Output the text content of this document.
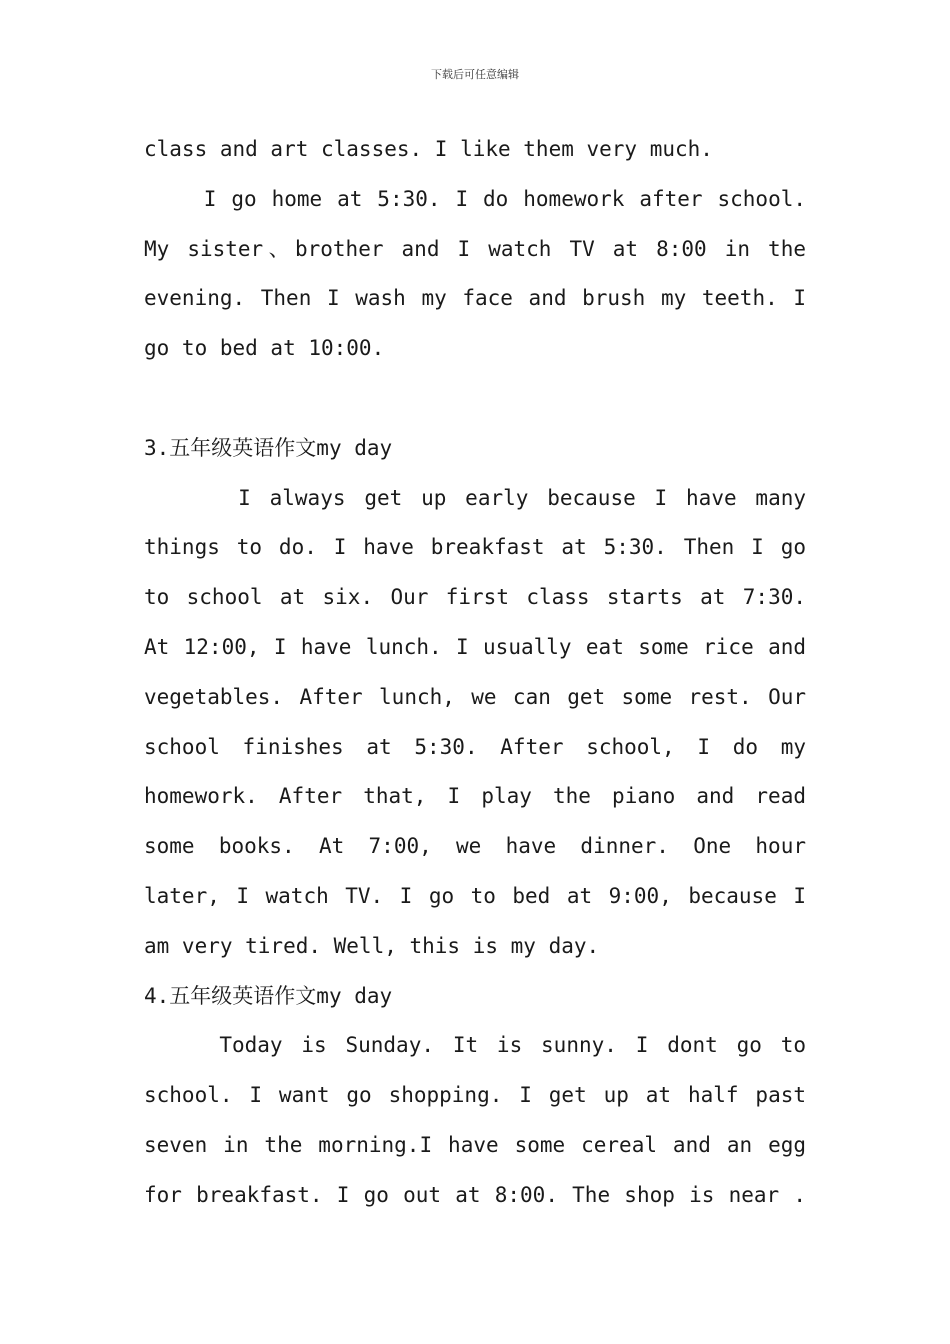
下载后可任意编辑
class and art classes. I like them very much.
I go home at 5:30. I do homework after school.
My sister、brother and I watch TV at 8:00 in the
evening. Then I wash my face and brush my teeth. I
go to bed at 10:00.
3.五年级英语作文my day
I always get up early because I have many
things to do. I have breakfast at 5:30. Then I go
to school at six. Our first class starts at 7:30.
At 12:00, I have lunch. I usually eat some rice and
vegetables. After lunch, we can get some rest. Our
school finishes at 5:30. After school, I do my
homework. After that, I play the piano and read
some books. At 7:00, we have dinner. One hour
later, I watch TV. I go to bed at 9:00, because I
am very tired. Well, this is my day.
4.五年级英语作文my day
Today is Sunday. It is sunny. I dont go to
school. I want go shopping. I get up at half past
seven in the morning.I have some cereal and an egg
for breakfast. I go out at 8:00. The shop is near .
